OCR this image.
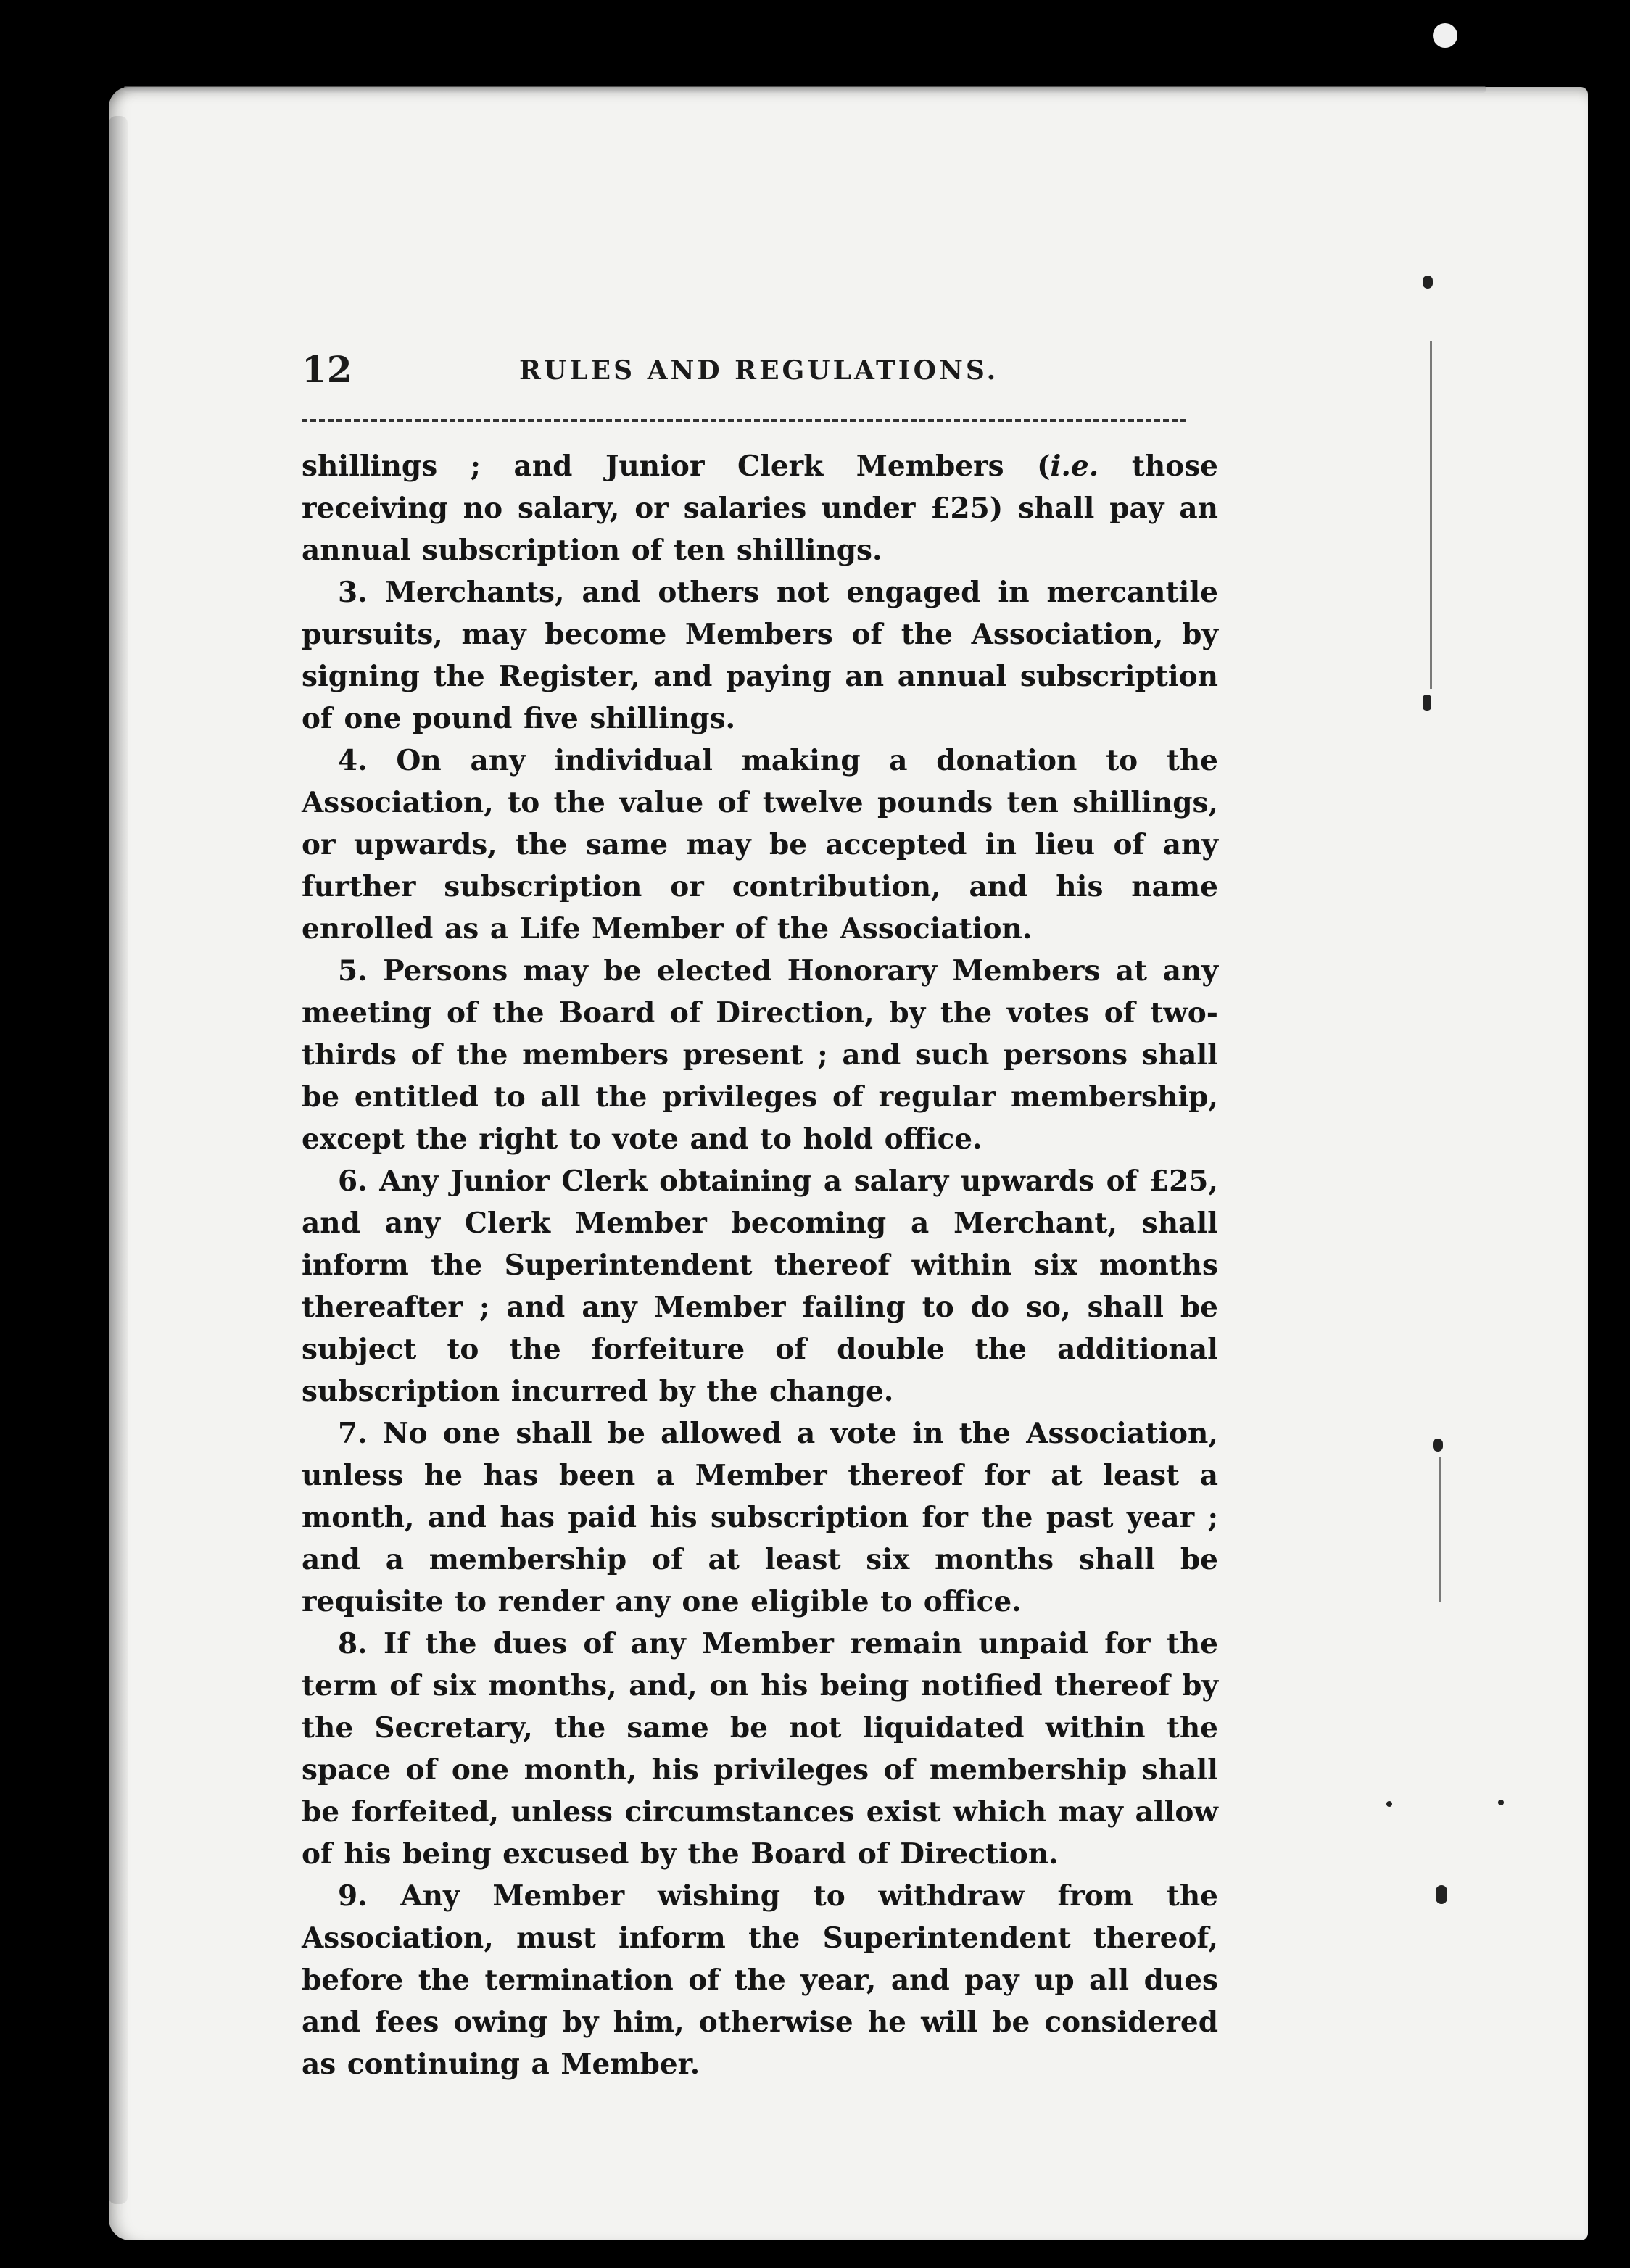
12	RULES AND REGULATIONS.

shillings ; and Junior Clerk Members (i.e. those receiving no salary, or salaries under £25) shall pay an annual subscription of ten shillings.

3. Merchants, and others not engaged in mercantile pursuits, may become Members of the Association, by signing the Register, and paying an annual subscription of one pound five shillings.

4. On any individual making a donation to the Association, to the value of twelve pounds ten shillings, or upwards, the same may be accepted in lieu of any further subscription or contribution, and his name enrolled as a Life Member of the Association.

5. Persons may be elected Honorary Members at any meeting of the Board of Direction, by the votes of two-thirds of the members present ; and such persons shall be entitled to all the privileges of regular membership, except the right to vote and to hold office.

6. Any Junior Clerk obtaining a salary upwards of £25, and any Clerk Member becoming a Merchant, shall inform the Superintendent thereof within six months thereafter ; and any Member failing to do so, shall be subject to the forfeiture of double the additional subscription incurred by the change.

7. No one shall be allowed a vote in the Association, unless he has been a Member thereof for at least a month, and has paid his subscription for the past year ; and a membership of at least six months shall be requisite to render any one eligible to office.

8. If the dues of any Member remain unpaid for the term of six months, and, on his being notified thereof by the Secretary, the same be not liquidated within the space of one month, his privileges of membership shall be forfeited, unless circumstances exist which may allow of his being excused by the Board of Direction.

9. Any Member wishing to withdraw from the Association, must inform the Superintendent thereof, before the termination of the year, and pay up all dues and fees owing by him, otherwise he will be considered as continuing a Member.
